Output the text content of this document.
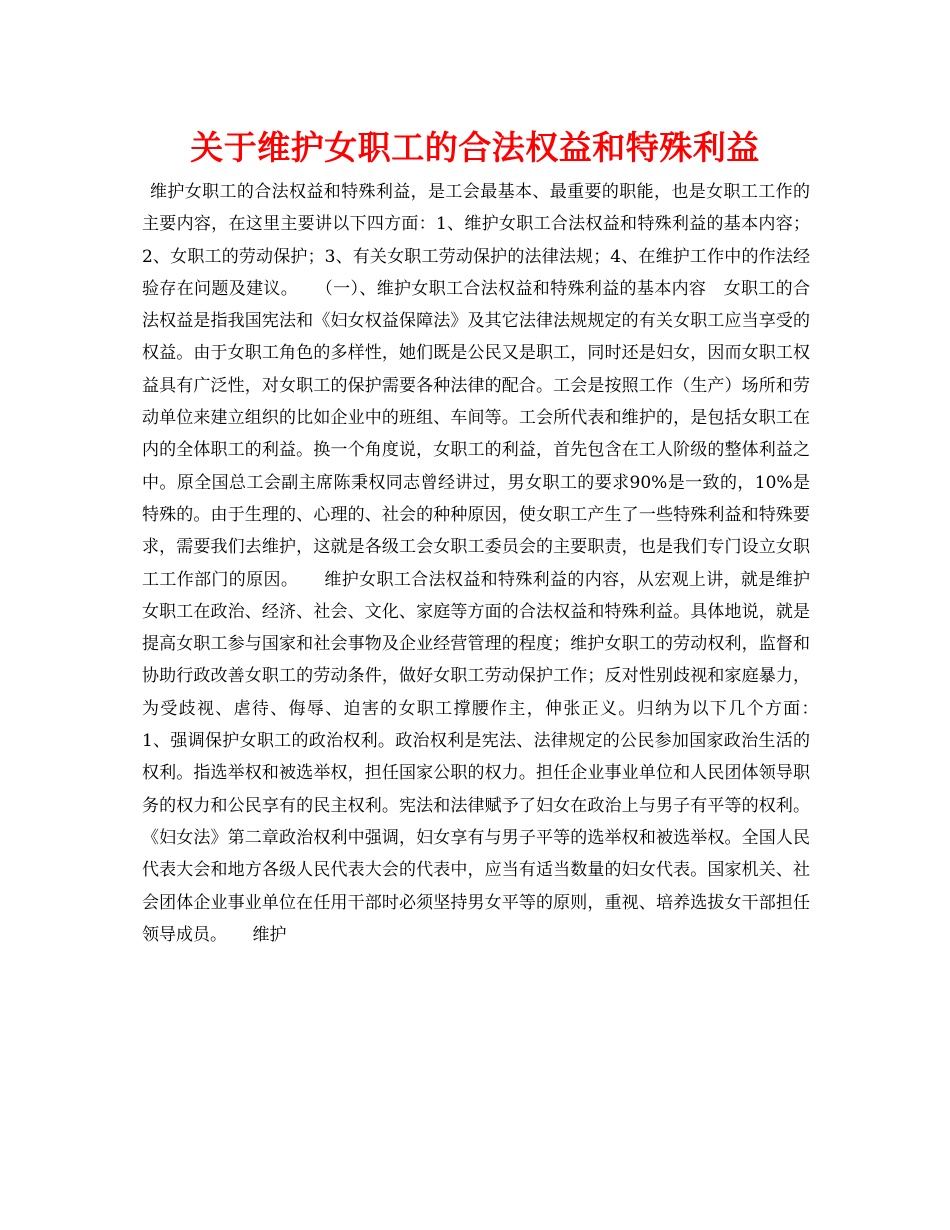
关于维护女职工的合法权益和特殊利益

维护女职工的合法权益和特殊利益，是工会最基本、最重要的职能，也是女职工工作的主要内容，在这里主要讲以下四方面：1、维护女职工合法权益和特殊利益的基本内容；2、女职工的劳动保护；3、有关女职工劳动保护的法律法规；4、在维护工作中的作法经验存在问题及建议。　　（一）、维护女职工合法权益和特殊利益的基本内容　女职工的合法权益是指我国宪法和《妇女权益保障法》及其它法律法规规定的有关女职工应当享受的权益。由于女职工角色的多样性，她们既是公民又是职工，同时还是妇女，因而女职工权益具有广泛性，对女职工的保护需要各种法律的配合。工会是按照工作（生产）场所和劳动单位来建立组织的比如企业中的班组、车间等。工会所代表和维护的，是包括女职工在内的全体职工的利益。换一个角度说，女职工的利益，首先包含在工人阶级的整体利益之中。原全国总工会副主席陈秉权同志曾经讲过，男女职工的要求90%是一致的，10%是特殊的。由于生理的、心理的、社会的种种原因，使女职工产生了一些特殊利益和特殊要求，需要我们去维护，这就是各级工会女职工委员会的主要职责，也是我们专门设立女职工工作部门的原因。　　维护女职工合法权益和特殊利益的内容，从宏观上讲，就是维护女职工在政治、经济、社会、文化、家庭等方面的合法权益和特殊利益。具体地说，就是提高女职工参与国家和社会事物及企业经营管理的程度；维护女职工的劳动权利，监督和协助行政改善女职工的劳动条件，做好女职工劳动保护工作；反对性别歧视和家庭暴力，为受歧视、虐待、侮辱、迫害的女职工撑腰作主，伸张正义。归纳为以下几个方面：　　1、强调保护女职工的政治权利。政治权利是宪法、法律规定的公民参加国家政治生活的权利。指选举权和被选举权，担任国家公职的权力。担任企业事业单位和人民团体领导职务的权力和公民享有的民主权利。宪法和法律赋予了妇女在政治上与男子有平等的权利。《妇女法》第二章政治权利中强调，妇女享有与男子平等的选举权和被选举权。全国人民代表大会和地方各级人民代表大会的代表中，应当有适当数量的妇女代表。国家机关、社会团体企业事业单位在任用干部时必须坚持男女平等的原则，重视、培养选拔女干部担任领导成员。　　维护
